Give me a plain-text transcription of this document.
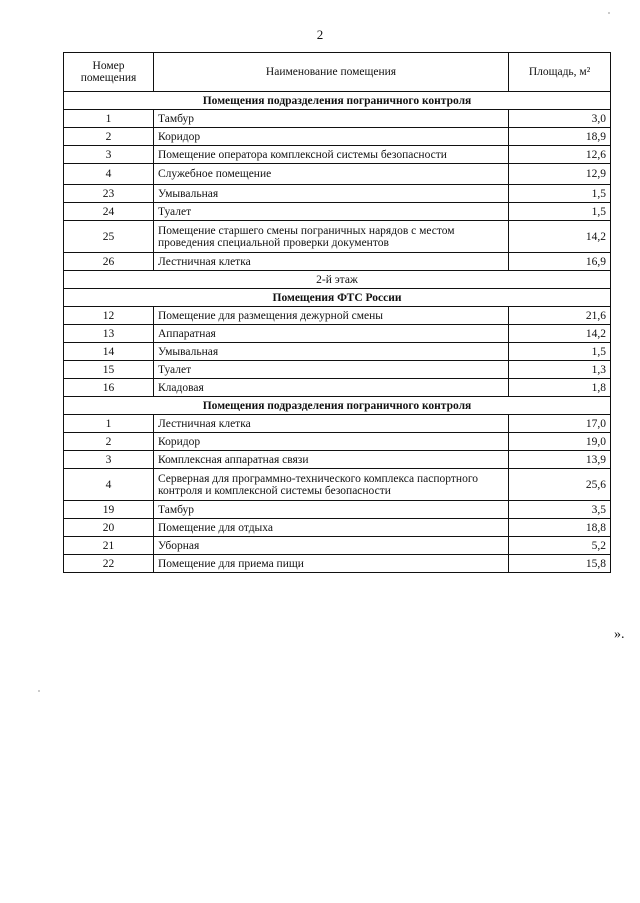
2
Номер помещения	Наименование помещения	Площадь, м²
Помещения подразделения пограничного контроля		
1	Тамбур	3,0
2	Коридор	18,9
3	Помещение оператора комплексной системы безопасности	12,6
4	Служебное помещение	12,9
23	Умывальная	1,5
24	Туалет	1,5
25	Помещение старшего смены пограничных нарядов с местом проведения специальной проверки документов	14,2
26	Лестничная клетка	16,9
2-й этаж		
Помещения ФТС России		
12	Помещение для размещения дежурной смены	21,6
13	Аппаратная	14,2
14	Умывальная	1,5
15	Туалет	1,3
16	Кладовая	1,8
Помещения подразделения пограничного контроля		
1	Лестничная клетка	17,0
2	Коридор	19,0
3	Комплексная аппаратная связи	13,9
4	Серверная для программно-технического комплекса паспортного контроля и комплексной системы безопасности	25,6
19	Тамбур	3,5
20	Помещение для отдыха	18,8
21	Уборная	5,2
22	Помещение для приема пищи	15,8
».
